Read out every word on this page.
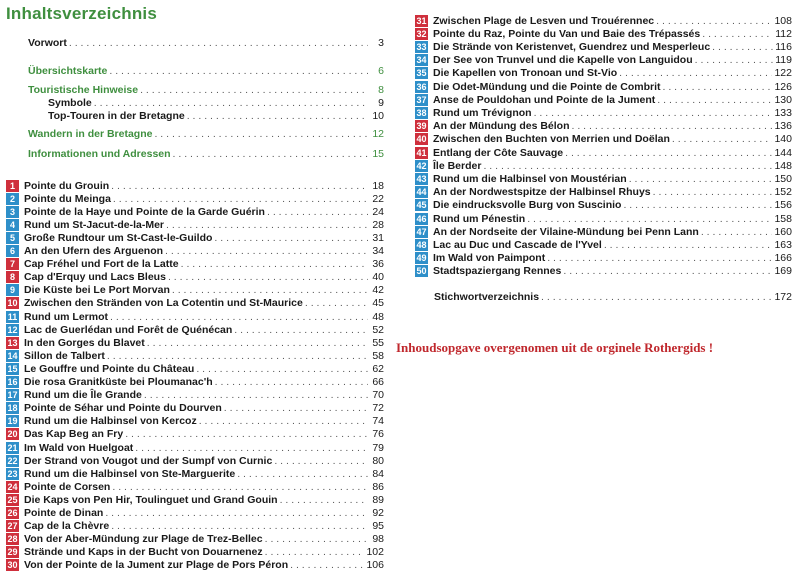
Inhaltsverzeichnis
Vorwort . . .	3
Übersichtskarte . . .	6
Touristische Hinweise . . .	8
Symbole . . .	9
Top-Touren in der Bretagne . . .	10
Wandern in der Bretagne . . .	12
Informationen und Adressen . . .	15
1 Pointe du Grouin . . .	18
2 Pointe du Meinga . . .	22
3 Pointe de la Haye und Pointe de la Garde Guérin . . .	24
4 Rund um St-Jacut-de-la-Mer . . .	28
5 Große Rundtour um St-Cast-le-Guildo . . .	31
6 An den Ufern des Arguenon . . .	34
7 Cap Fréhel und Fort de la Latte . . .	36
8 Cap d'Erquy und Lacs Bleus . . .	40
9 Die Küste bei Le Port Morvan . . .	42
10 Zwischen den Stränden von La Cotentin und St-Maurice . . .	45
11 Rund um Lermot . . .	48
12 Lac de Guerlédan und Forêt de Quénécan . . .	52
13 In den Gorges du Blavet . . .	55
14 Sillon de Talbert . . .	58
15 Le Gouffre und Pointe du Château . . .	62
16 Die rosa Granitküste bei Ploumanac'h . . .	66
17 Rund um die Île Grande . . .	70
18 Pointe de Séhar und Pointe du Dourven . . .	72
19 Rund um die Halbinsel von Kercoz . . .	74
20 Das Kap Beg an Fry . . .	76
21 Im Wald von Huelgoat . . .	79
22 Der Strand von Vougot und der Sumpf von Curnic . . .	80
23 Rund um die Halbinsel von Ste-Marguerite . . .	84
24 Pointe de Corsen . . .	86
25 Die Kaps von Pen Hir, Toulinguet und Grand Gouin . . .	89
26 Pointe de Dinan . . .	92
27 Cap de la Chèvre . . .	95
28 Von der Aber-Mündung zur Plage de Trez-Bellec . . .	98
29 Strände und Kaps in der Bucht von Douarnenez . . .	102
30 Von der Pointe de la Jument zur Plage de Pors Péron . . .	106
31 Zwischen Plage de Lesven und Trouérennec . . .	108
32 Pointe du Raz, Pointe du Van und Baie des Trépassés . . .	112
33 Die Strände von Keristenvet, Guendrez und Mesperleuc . . .	116
34 Der See von Trunvel und die Kapelle von Languidou . . .	119
35 Die Kapellen von Tronoan und St-Vio . . .	122
36 Die Odet-Mündung und die Pointe de Combrit . . .	126
37 Anse de Pouldohan und Pointe de la Jument . . .	130
38 Rund um Trévignon . . .	133
39 An der Mündung des Bélon . . .	136
40 Zwischen den Buchten von Merrien und Doëlan . . .	140
41 Entlang der Côte Sauvage . . .	144
42 Île Berder . . .	148
43 Rund um die Halbinsel von Moustérian . . .	150
44 An der Nordwestspitze der Halbinsel Rhuys . . .	152
45 Die eindrucksvolle Burg von Suscinio . . .	156
46 Rund um Pénestin . . .	158
47 An der Nordseite der Vilaine-Mündung bei Penn Lann . . .	160
48 Lac au Duc und Cascade de l'Yvel . . .	163
49 Im Wald von Paimpont . . .	166
50 Stadtspaziergang Rennes . . .	169
Stichwortverzeichnis . . .	172
Inhoudsopgave overgenomen uit de orginele Rothergids !
